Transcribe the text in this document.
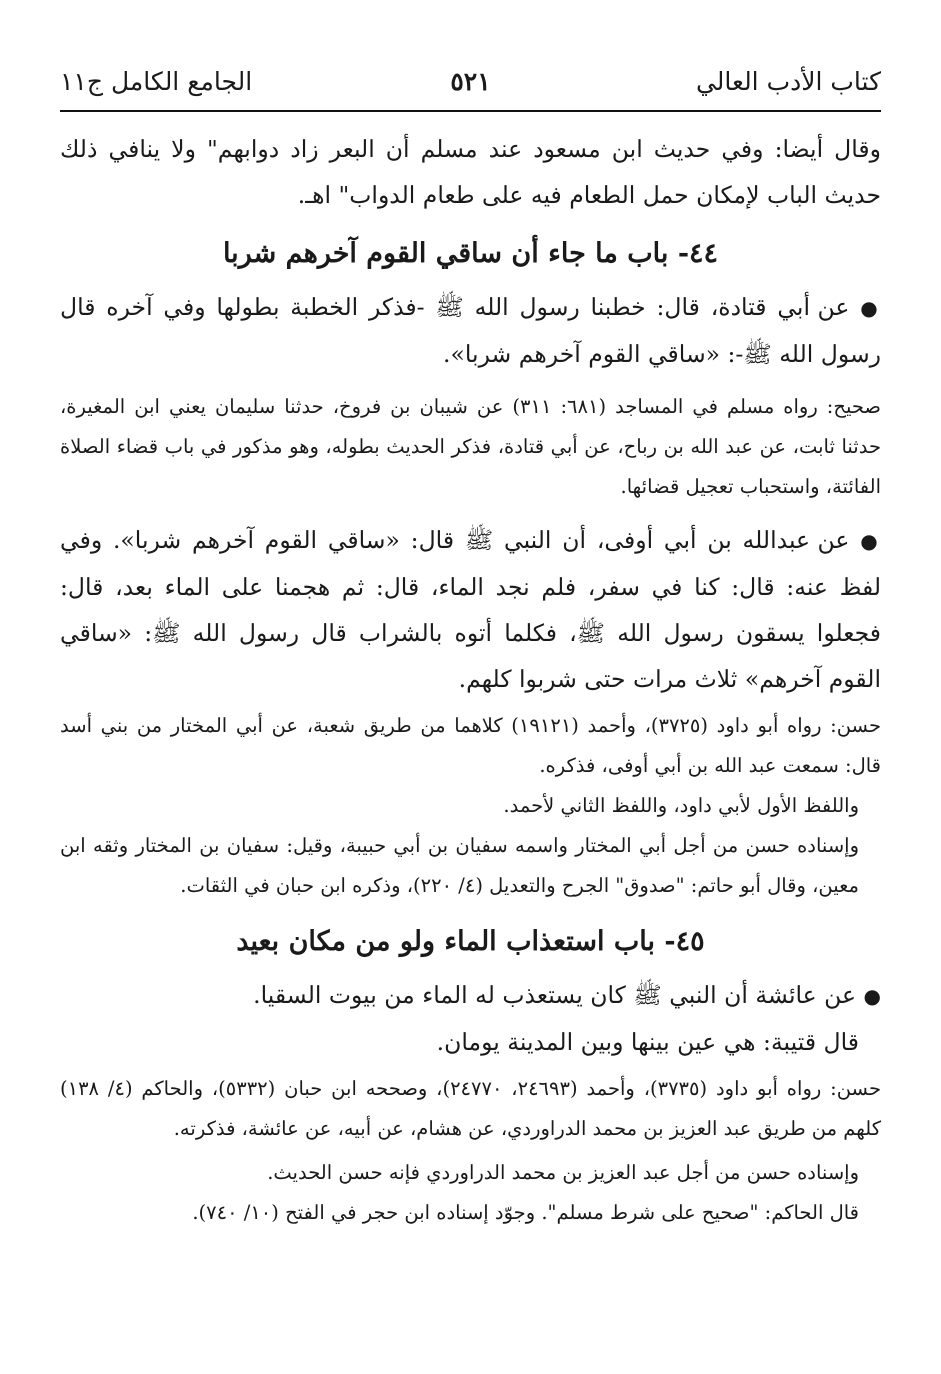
كتاب الأدب العالي
٥٢١
الجامع الكامل ج١١

وقال أيضا: وفي حديث ابن مسعود عند مسلم أن البعر زاد دوابهم" ولا ينافي ذلك حديث الباب لإمكان حمل الطعام فيه على طعام الدواب" اهـ.

٤٤- باب ما جاء أن ساقي القوم آخرهم شربا

● عن أبي قتادة، قال: خطبنا رسول الله ﷺ -فذكر الخطبة بطولها وفي آخره قال رسول الله ﷺ-: «ساقي القوم آخرهم شربا».

صحيح: رواه مسلم في المساجد (٦٨١: ٣١١) عن شيبان بن فروخ، حدثنا سليمان يعني ابن المغيرة، حدثنا ثابت، عن عبد الله بن رباح، عن أبي قتادة، فذكر الحديث بطوله، وهو مذكور في باب قضاء الصلاة الفائتة، واستحباب تعجيل قضائها.

● عن عبدالله بن أبي أوفى، أن النبي ﷺ قال: «ساقي القوم آخرهم شربا». وفي لفظ عنه: قال: كنا في سفر، فلم نجد الماء، قال: ثم هجمنا على الماء بعد، قال: فجعلوا يسقون رسول الله ﷺ، فكلما أتوه بالشراب قال رسول الله ﷺ: «ساقي القوم آخرهم» ثلاث مرات حتى شربوا كلهم.

حسن: رواه أبو داود (٣٧٢٥)، وأحمد (١٩١٢١) كلاهما من طريق شعبة، عن أبي المختار من بني أسد قال: سمعت عبد الله بن أبي أوفى، فذكره.

واللفظ الأول لأبي داود، واللفظ الثاني لأحمد.

وإسناده حسن من أجل أبي المختار واسمه سفيان بن أبي حبيبة، وقيل: سفيان بن المختار وثقه ابن معين، وقال أبو حاتم: "صدوق" الجرح والتعديل (٤/ ٢٢٠)، وذكره ابن حبان في الثقات.

٤٥- باب استعذاب الماء ولو من مكان بعيد

● عن عائشة أن النبي ﷺ كان يستعذب له الماء من بيوت السقيا.

قال قتيبة: هي عين بينها وبين المدينة يومان.

حسن: رواه أبو داود (٣٧٣٥)، وأحمد (٢٤٦٩٣، ٢٤٧٧٠)، وصححه ابن حبان (٥٣٣٢)، والحاكم (٤/ ١٣٨) كلهم من طريق عبد العزيز بن محمد الدراوردي، عن هشام، عن أبيه، عن عائشة، فذكرته.

وإسناده حسن من أجل عبد العزيز بن محمد الدراوردي فإنه حسن الحديث.

قال الحاكم: "صحيح على شرط مسلم". وجوّد إسناده ابن حجر في الفتح (١٠/ ٧٤٠).
